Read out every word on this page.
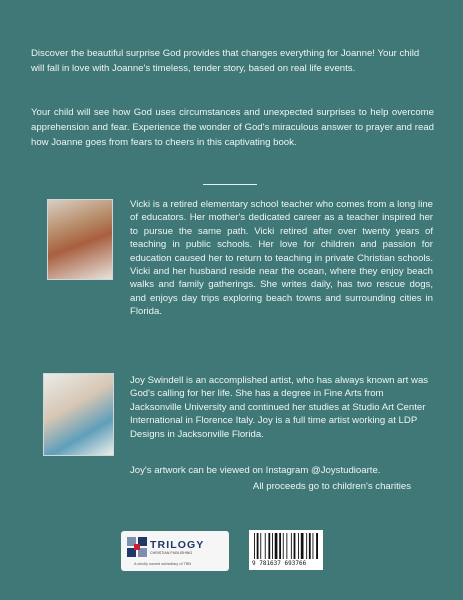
Discover the beautiful surprise God provides that changes everything for Joanne! Your child will fall in love with Joanne's timeless, tender story, based on real life events.

Your child will see how God uses circumstances and unexpected surprises to help overcome apprehension and fear. Experience the wonder of God's miraculous answer to prayer and read how Joanne goes from fears to cheers in this captivating book.

Vicki is a retired elementary school teacher who comes from a long line of educators. Her mother's dedicated career as a teacher inspired her to pursue the same path. Vicki retired after over twenty years of teaching in public schools. Her love for children and passion for education caused her to return to teaching in private Christian schools. Vicki and her husband reside near the ocean, where they enjoy beach walks and family gatherings. She writes daily, has two rescue dogs, and enjoys day trips exploring beach towns and surrounding cities in Florida.

Joy Swindell is an accomplished artist, who has always known art was God's calling for her life. She has a degree in Fine Arts from Jacksonville University and continued her studies at Studio Art Center International in Florence Italy. Joy is a full time artist working at LDP Designs in Jacksonville Florida.

Joy's artwork can be viewed on Instagram @Joystudioarte.

All proceeds go to children's charities

TRILOGY
CHRISTIAN PUBLISHING
A wholly owned subsidiary of TBN	9 781637 693766
